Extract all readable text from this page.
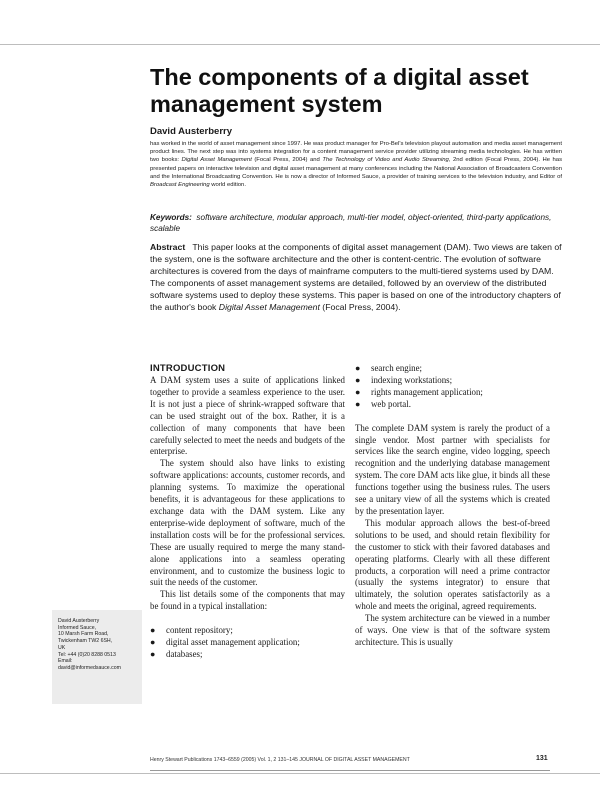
The components of a digital asset management system
David Austerberry
has worked in the world of asset management since 1997. He was product manager for Pro-Bel's television playout automation and media asset management product lines. The next step was into systems integration for a content management service provider utilizing streaming media technologies. He has written two books: Digital Asset Management (Focal Press, 2004) and The Technology of Video and Audio Streaming, 2nd edition (Focal Press, 2004). He has presented papers on interactive television and digital asset management at many conferences including the National Association of Broadcasters Convention and the International Broadcasting Convention. He is now a director of Informed Sauce, a provider of training services to the television industry, and Editor of Broadcast Engineering world edition.
Keywords: software architecture, modular approach, multi-tier model, object-oriented, third-party applications, scalable
Abstract This paper looks at the components of digital asset management (DAM). Two views are taken of the system, one is the software architecture and the other is content-centric. The evolution of software architectures is covered from the days of mainframe computers to the multi-tiered systems used by DAM. The components of asset management systems are detailed, followed by an overview of the distributed software systems used to deploy these systems. This paper is based on one of the introductory chapters of the author's book Digital Asset Management (Focal Press, 2004).
INTRODUCTION

A DAM system uses a suite of applications linked together to provide a seamless experience to the user. It is not just a piece of shrink-wrapped software that can be used straight out of the box. Rather, it is a collection of many components that have been carefully selected to meet the needs and budgets of the enterprise.

The system should also have links to existing software applications: accounts, customer records, and planning systems. To maximize the operational benefits, it is advantageous for these applications to exchange data with the DAM system. Like any enterprise-wide deployment of software, much of the installation costs will be for the professional services. These are usually required to merge the many stand-alone applications into a seamless operating environment, and to customize the business logic to suit the needs of the customer.

This list details some of the components that may be found in a typical installation:

● content repository;
● digital asset management application;
● databases;
● search engine;
● indexing workstations;
● rights management application;
● web portal.

The complete DAM system is rarely the product of a single vendor. Most partner with specialists for services like the search engine, video logging, speech recognition and the underlying database management system. The core DAM acts like glue, it binds all these functions together using the business rules. The users see a unitary view of all the systems which is created by the presentation layer.

This modular approach allows the best-of-breed solutions to be used, and should retain flexibility for the customer to stick with their favored databases and operating platforms. Clearly with all these different products, a corporation will need a prime contractor (usually the systems integrator) to ensure that ultimately, the solution operates satisfactorily as a whole and meets the original, agreed requirements.

The system architecture can be viewed in a number of ways. One view is that of the software system architecture. This is usually

David Austerberry
Informed Sauce,
10 Marsh Farm Road,
Twickenham TW2 6SH,
UK
Tel: +44 (0)20 8288 0513
Email:
david@informedsauce.com
Henry Stewart Publications 1743–6559 (2005) Vol. 1, 2 131–145 JOURNAL OF DIGITAL ASSET MANAGEMENT	131
